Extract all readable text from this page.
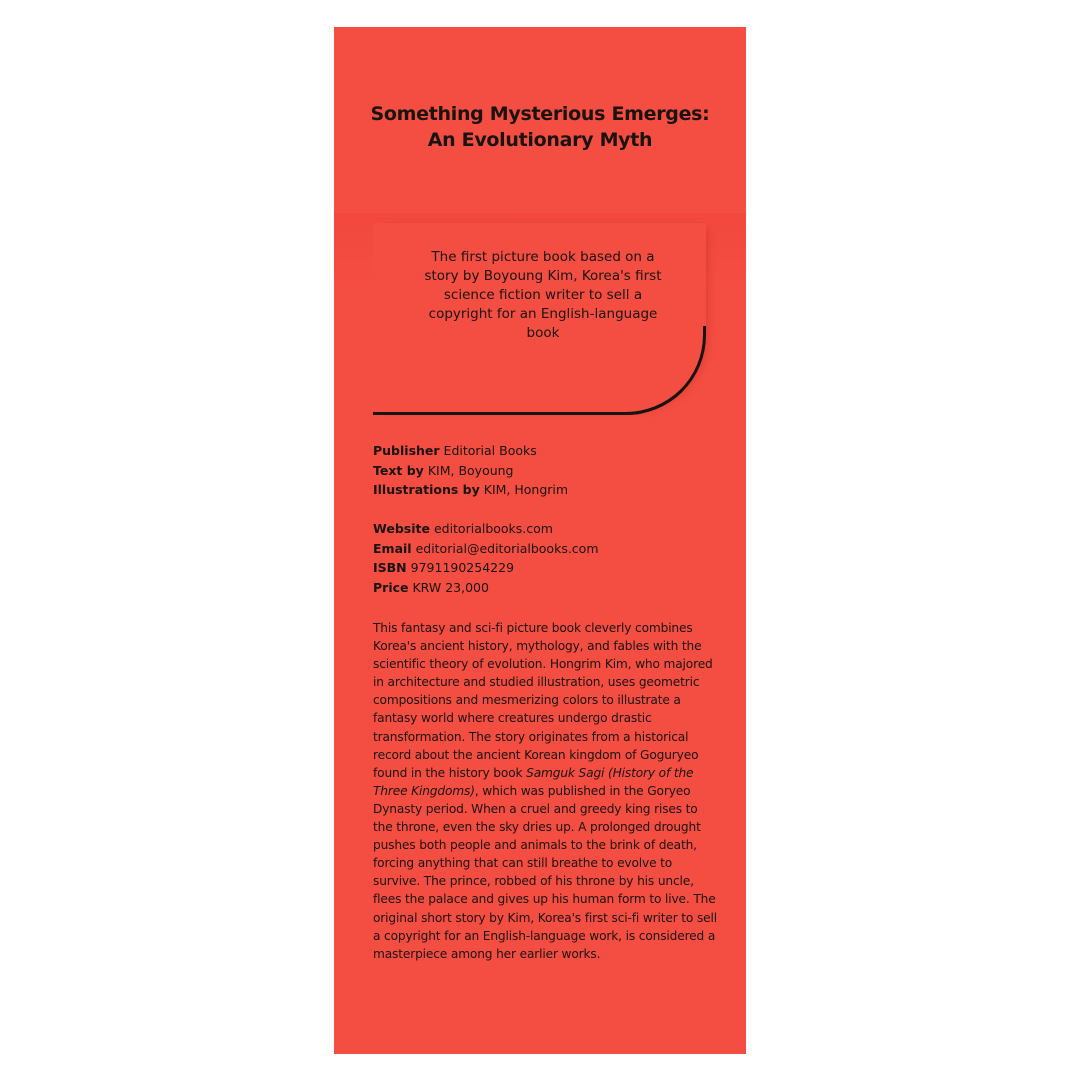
Something Mysterious Emerges:
An Evolutionary Myth
The first picture book based on a story by Boyoung Kim, Korea's first science fiction writer to sell a copyright for an English-language book
Publisher Editorial Books
Text by KIM, Boyoung
Illustrations by KIM, Hongrim
Website editorialbooks.com
Email editorial@editorialbooks.com
ISBN 9791190254229
Price KRW 23,000
This fantasy and sci-fi picture book cleverly combines Korea's ancient history, mythology, and fables with the scientific theory of evolution. Hongrim Kim, who majored in architecture and studied illustration, uses geometric compositions and mesmerizing colors to illustrate a fantasy world where creatures undergo drastic transformation. The story originates from a historical record about the ancient Korean kingdom of Goguryeo found in the history book Samguk Sagi (History of the Three Kingdoms), which was published in the Goryeo Dynasty period. When a cruel and greedy king rises to the throne, even the sky dries up. A prolonged drought pushes both people and animals to the brink of death, forcing anything that can still breathe to evolve to survive. The prince, robbed of his throne by his uncle, flees the palace and gives up his human form to live. The original short story by Kim, Korea's first sci-fi writer to sell a copyright for an English-language work, is considered a masterpiece among her earlier works.
